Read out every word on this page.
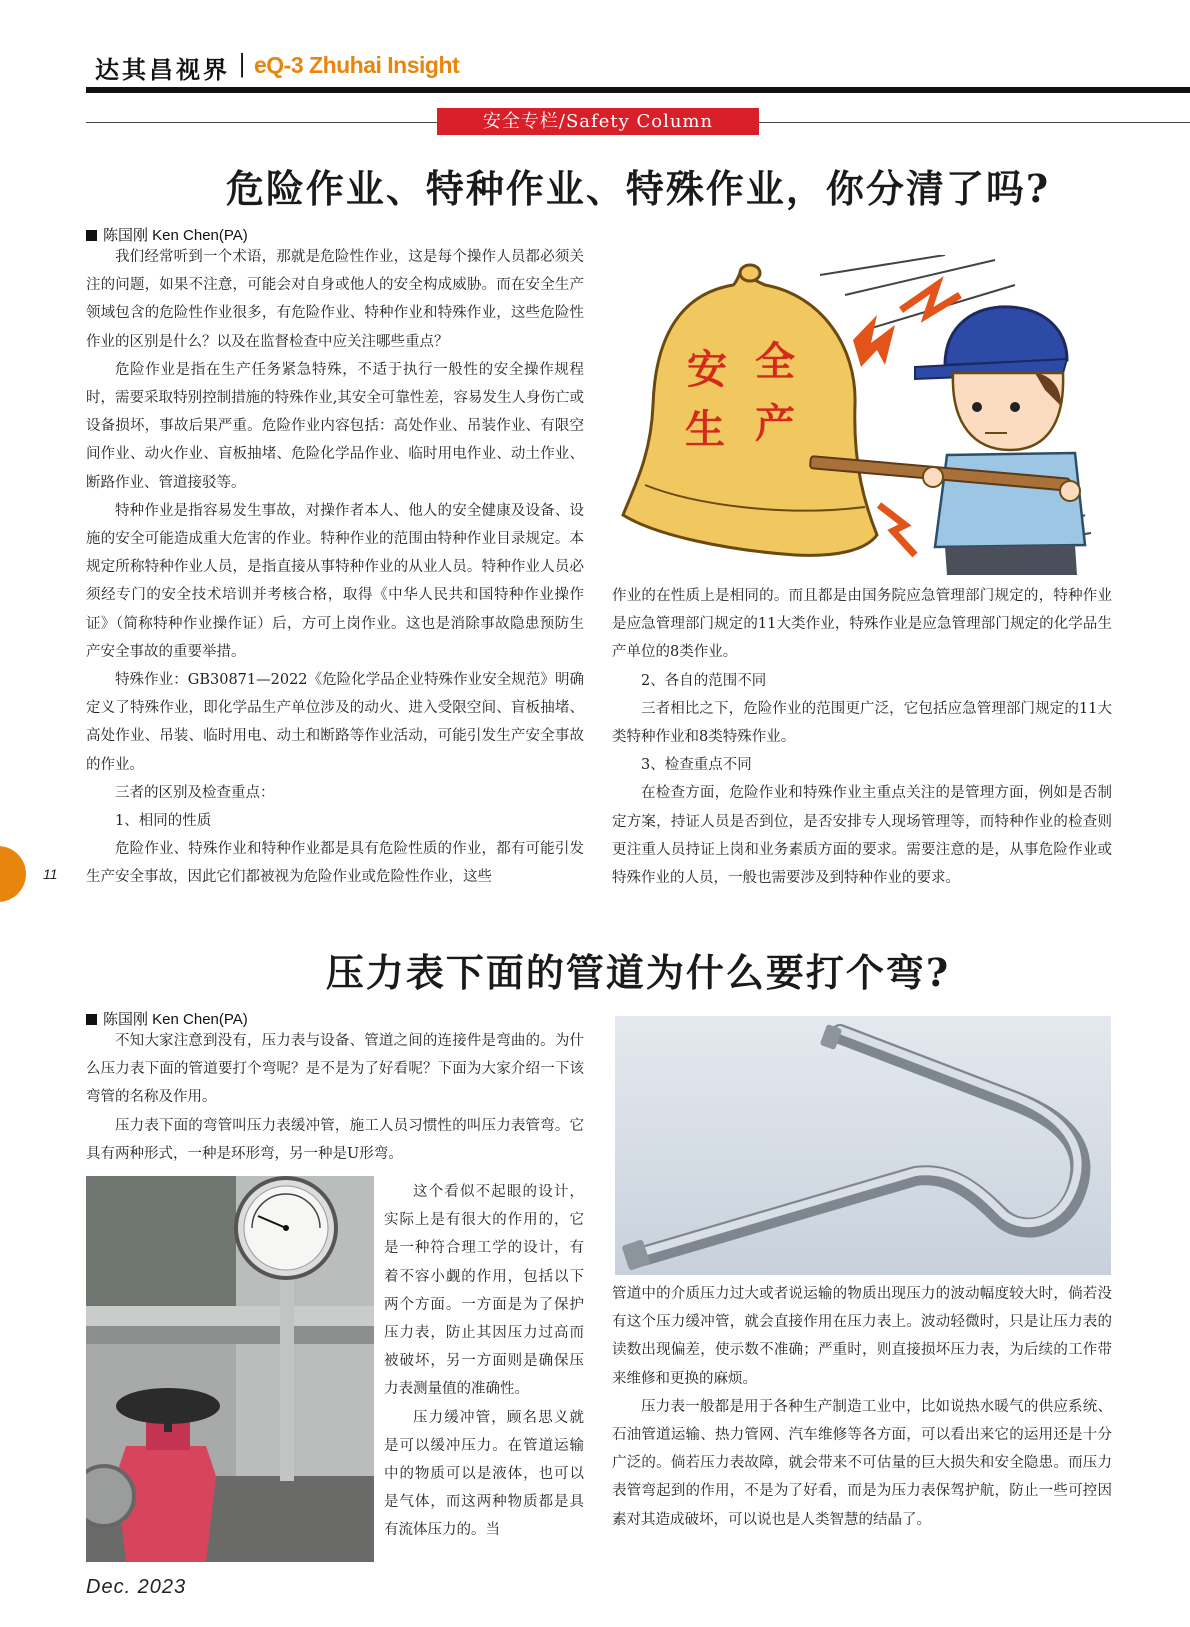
达其昌视界 | eQ-3 Zhuhai Insight
安全专栏/Safety Column
危险作业、特种作业、特殊作业，你分清了吗?
陈国刚 Ken Chen(PA)

我们经常听到一个术语，那就是危险性作业，这是每个操作人员都必须关注的问题，如果不注意，可能会对自身或他人的安全构成威胁。而在安全生产领域包含的危险性作业很多，有危险作业、特种作业和特殊作业，这些危险性作业的区别是什么？以及在监督检查中应关注哪些重点？

危险作业是指在生产任务紧急特殊，不适于执行一般性的安全操作规程时，需要采取特别控制措施的特殊作业,其安全可靠性差，容易发生人身伤亡或设备损坏，事故后果严重。危险作业内容包括：高处作业、吊装作业、有限空间作业、动火作业、盲板抽堵、危险化学品作业、临时用电作业、动土作业、断路作业、管道接驳等。

特种作业是指容易发生事故，对操作者本人、他人的安全健康及设备、设施的安全可能造成重大危害的作业。特种作业的范围由特种作业目录规定。本规定所称特种作业人员，是指直接从事特种作业的从业人员。特种作业人员必须经专门的安全技术培训并考核合格，取得《中华人民共和国特种作业操作证》（简称特种作业操作证）后，方可上岗作业。这也是消除事故隐患预防生产安全事故的重要举措。

特殊作业：GB30871—2022《危险化学品企业特殊作业安全规范》明确定义了特殊作业，即化学品生产单位涉及的动火、进入受限空间、盲板抽堵、高处作业、吊装、临时用电、动土和断路等作业活动，可能引发生产安全事故的作业。

三者的区别及检查重点：

1、相同的性质

危险作业、特殊作业和特种作业都是具有危险性质的作业，都有可能引发生产安全事故，因此它们都被视为危险作业或危险性作业，这些

安 全
生 产

作业的在性质上是相同的。而且都是由国务院应急管理部门规定的，特种作业是应急管理部门规定的11大类作业，特殊作业是应急管理部门规定的化学品生产单位的8类作业。

2、各自的范围不同

三者相比之下，危险作业的范围更广泛，它包括应急管理部门规定的11大类特种作业和8类特殊作业。

3、检查重点不同

在检查方面，危险作业和特殊作业主重点关注的是管理方面，例如是否制定方案，持证人员是否到位，是否安排专人现场管理等，而特种作业的检查则更注重人员持证上岗和业务素质方面的要求。需要注意的是，从事危险作业或特殊作业的人员，一般也需要涉及到特种作业的要求。

压力表下面的管道为什么要打个弯?
陈国刚 Ken Chen(PA)

不知大家注意到没有，压力表与设备、管道之间的连接件是弯曲的。为什么压力表下面的管道要打个弯呢？是不是为了好看呢？下面为大家介绍一下该弯管的名称及作用。

压力表下面的弯管叫压力表缓冲管，施工人员习惯性的叫压力表管弯。它具有两种形式，一种是环形弯，另一种是U形弯。

这个看似不起眼的设计，实际上是有很大的作用的，它是一种符合理工学的设计，有着不容小觑的作用，包括以下两个方面。一方面是为了保护压力表，防止其因压力过高而被破坏，另一方面则是确保压力表测量值的准确性。

压力缓冲管，顾名思义就是可以缓冲压力。在管道运输中的物质可以是液体，也可以是气体，而这两种物质都是具有流体压力的。当

管道中的介质压力过大或者说运输的物质出现压力的波动幅度较大时，倘若没有这个压力缓冲管，就会直接作用在压力表上。波动轻微时，只是让压力表的读数出现偏差，使示数不准确；严重时，则直接损坏压力表，为后续的工作带来维修和更换的麻烦。

压力表一般都是用于各种生产制造工业中，比如说热水暖气的供应系统、石油管道运输、热力管网、汽车维修等各方面，可以看出来它的运用还是十分广泛的。倘若压力表故障，就会带来不可估量的巨大损失和安全隐患。而压力表管弯起到的作用，不是为了好看，而是为压力表保驾护航，防止一些可控因素对其造成破坏，可以说也是人类智慧的结晶了。

11
Dec. 2023
